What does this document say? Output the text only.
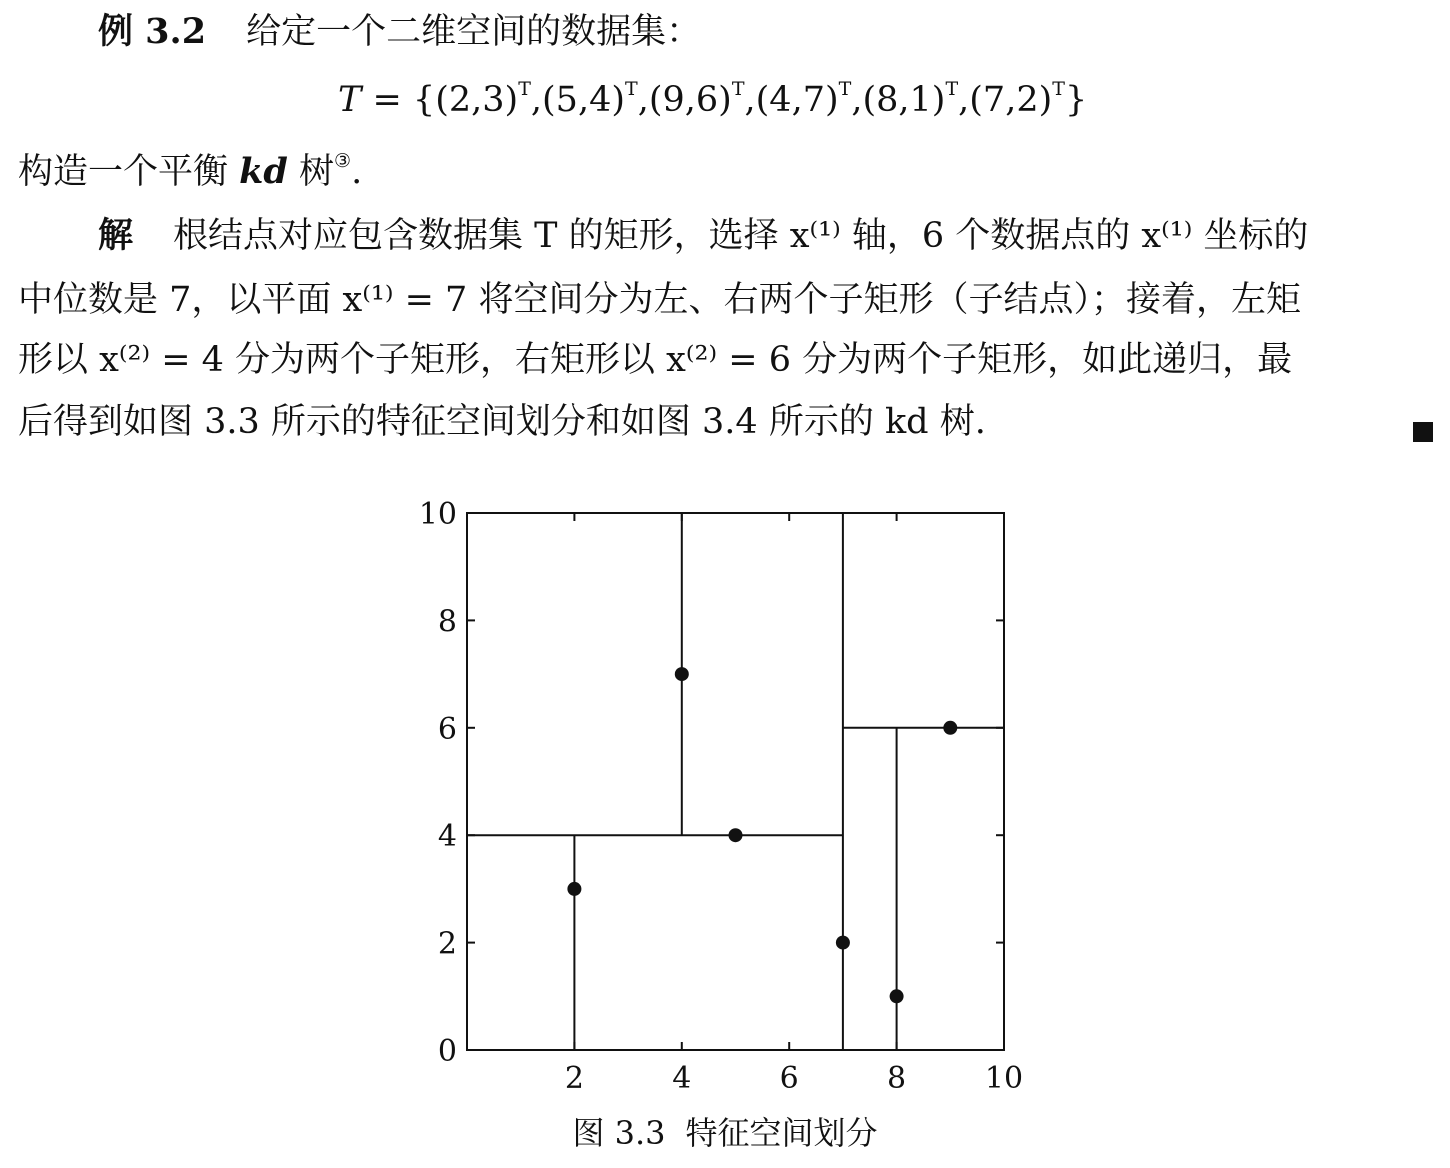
例 3.2 给定一个二维空间的数据集：
$T = \{(2,3)^T,(5,4)^T,(9,6)^T,(4,7)^T,(8,1)^T,(7,2)^T\}$
构造一个平衡 kd 树③.
解 根结点对应包含数据集 T 的矩形，选择 x⁽¹⁾ 轴，6 个数据点的 x⁽¹⁾ 坐标的
中位数是 7，以平面 x⁽¹⁾ = 7 将空间分为左、右两个子矩形（子结点）；接着，左矩
形以 x⁽²⁾ = 4 分为两个子矩形，右矩形以 x⁽²⁾ = 6 分为两个子矩形，如此递归，最
后得到如图 3.3 所示的特征空间划分和如图 3.4 所示的 kd 树.
2	4	6	8	10
0
2
4
6
8
10
图 3.3 特征空间划分
